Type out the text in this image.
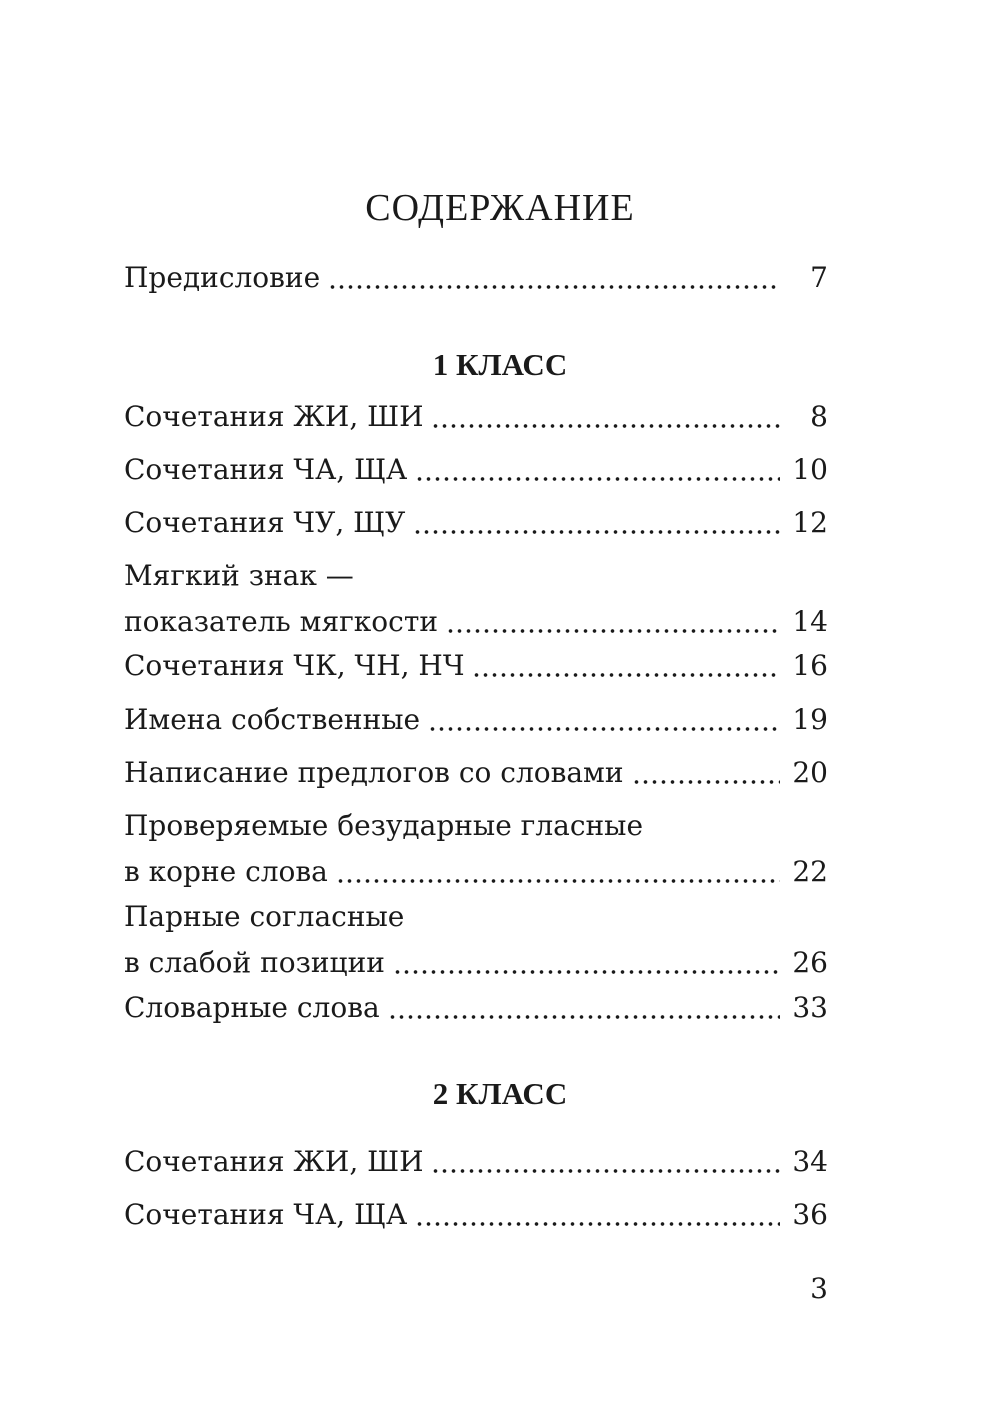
СОДЕРЖАНИЕ
Предисловие	7
1 КЛАСС
Сочетания ЖИ, ШИ	8
Сочетания ЧА, ЩА	10
Сочетания ЧУ, ЩУ	12
Мягкий знак —
показатель мягкости	14
Сочетания ЧК, ЧН, НЧ	16
Имена собственные	19
Написание предлогов со словами	20
Проверяемые безударные гласные
в корне слова	22
Парные согласные
в слабой позиции	26
Словарные слова	33
2 КЛАСС
Сочетания ЖИ, ШИ	34
Сочетания ЧА, ЩА	36
3
